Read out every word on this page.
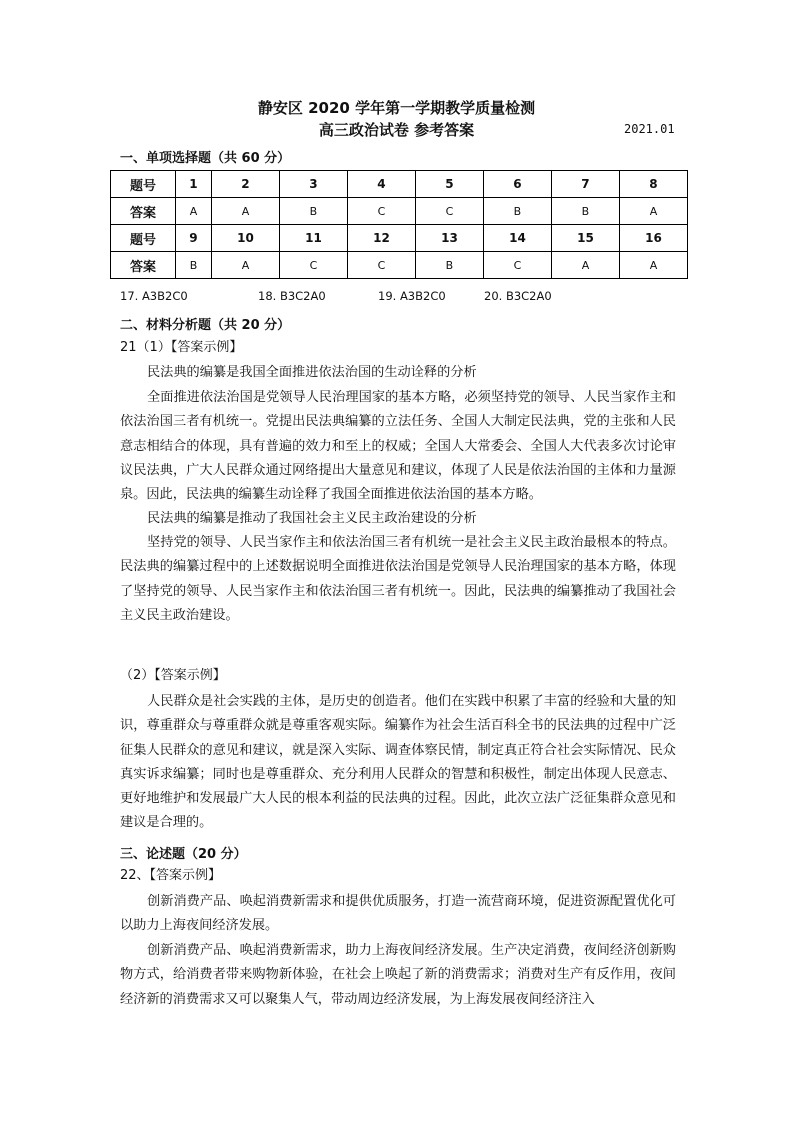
静安区 2020 学年第一学期教学质量检测
高三政治试卷 参考答案	2021.01
一、单项选择题（共 60 分）
题号	1	2	3	4	5	6	7	8
答案	A	A	B	C	C	B	B	A
题号	9	10	11	12	13	14	15	16
答案	B	A	C	C	B	C	A	A
17. A3B2C0	18. B3C2A0	19. A3B2C0	20. B3C2A0
二、材料分析题（共 20 分）
21（1）【答案示例】
民法典的编纂是我国全面推进依法治国的生动诠释的分析
全面推进依法治国是党领导人民治理国家的基本方略，必须坚持党的领导、人民当家作主和依法治国三者有机统一。党提出民法典编纂的立法任务、全国人大制定民法典，党的主张和人民意志相结合的体现，具有普遍的效力和至上的权威；全国人大常委会、全国人大代表多次讨论审议民法典，广大人民群众通过网络提出大量意见和建议，体现了人民是依法治国的主体和力量源泉。因此，民法典的编纂生动诠释了我国全面推进依法治国的基本方略。
民法典的编纂是推动了我国社会主义民主政治建设的分析
坚持党的领导、人民当家作主和依法治国三者有机统一是社会主义民主政治最根本的特点。民法典的编纂过程中的上述数据说明全面推进依法治国是党领导人民治理国家的基本方略，体现了坚持党的领导、人民当家作主和依法治国三者有机统一。因此，民法典的编纂推动了我国社会主义民主政治建设。
（2）【答案示例】
人民群众是社会实践的主体，是历史的创造者。他们在实践中积累了丰富的经验和大量的知识，尊重群众与尊重群众就是尊重客观实际。编纂作为社会生活百科全书的民法典的过程中广泛征集人民群众的意见和建议，就是深入实际、调查体察民情，制定真正符合社会实际情况、民众真实诉求编纂；同时也是尊重群众、充分利用人民群众的智慧和积极性，制定出体现人民意志、更好地维护和发展最广大人民的根本利益的民法典的过程。因此，此次立法广泛征集群众意见和建议是合理的。
三、论述题（20 分）
22、【答案示例】
创新消费产品、唤起消费新需求和提供优质服务，打造一流营商环境，促进资源配置优化可以助力上海夜间经济发展。
创新消费产品、唤起消费新需求，助力上海夜间经济发展。生产决定消费，夜间经济创新购物方式，给消费者带来购物新体验，在社会上唤起了新的消费需求；消费对生产有反作用，夜间经济新的消费需求又可以聚集人气，带动周边经济发展，为上海发展夜间经济注入
